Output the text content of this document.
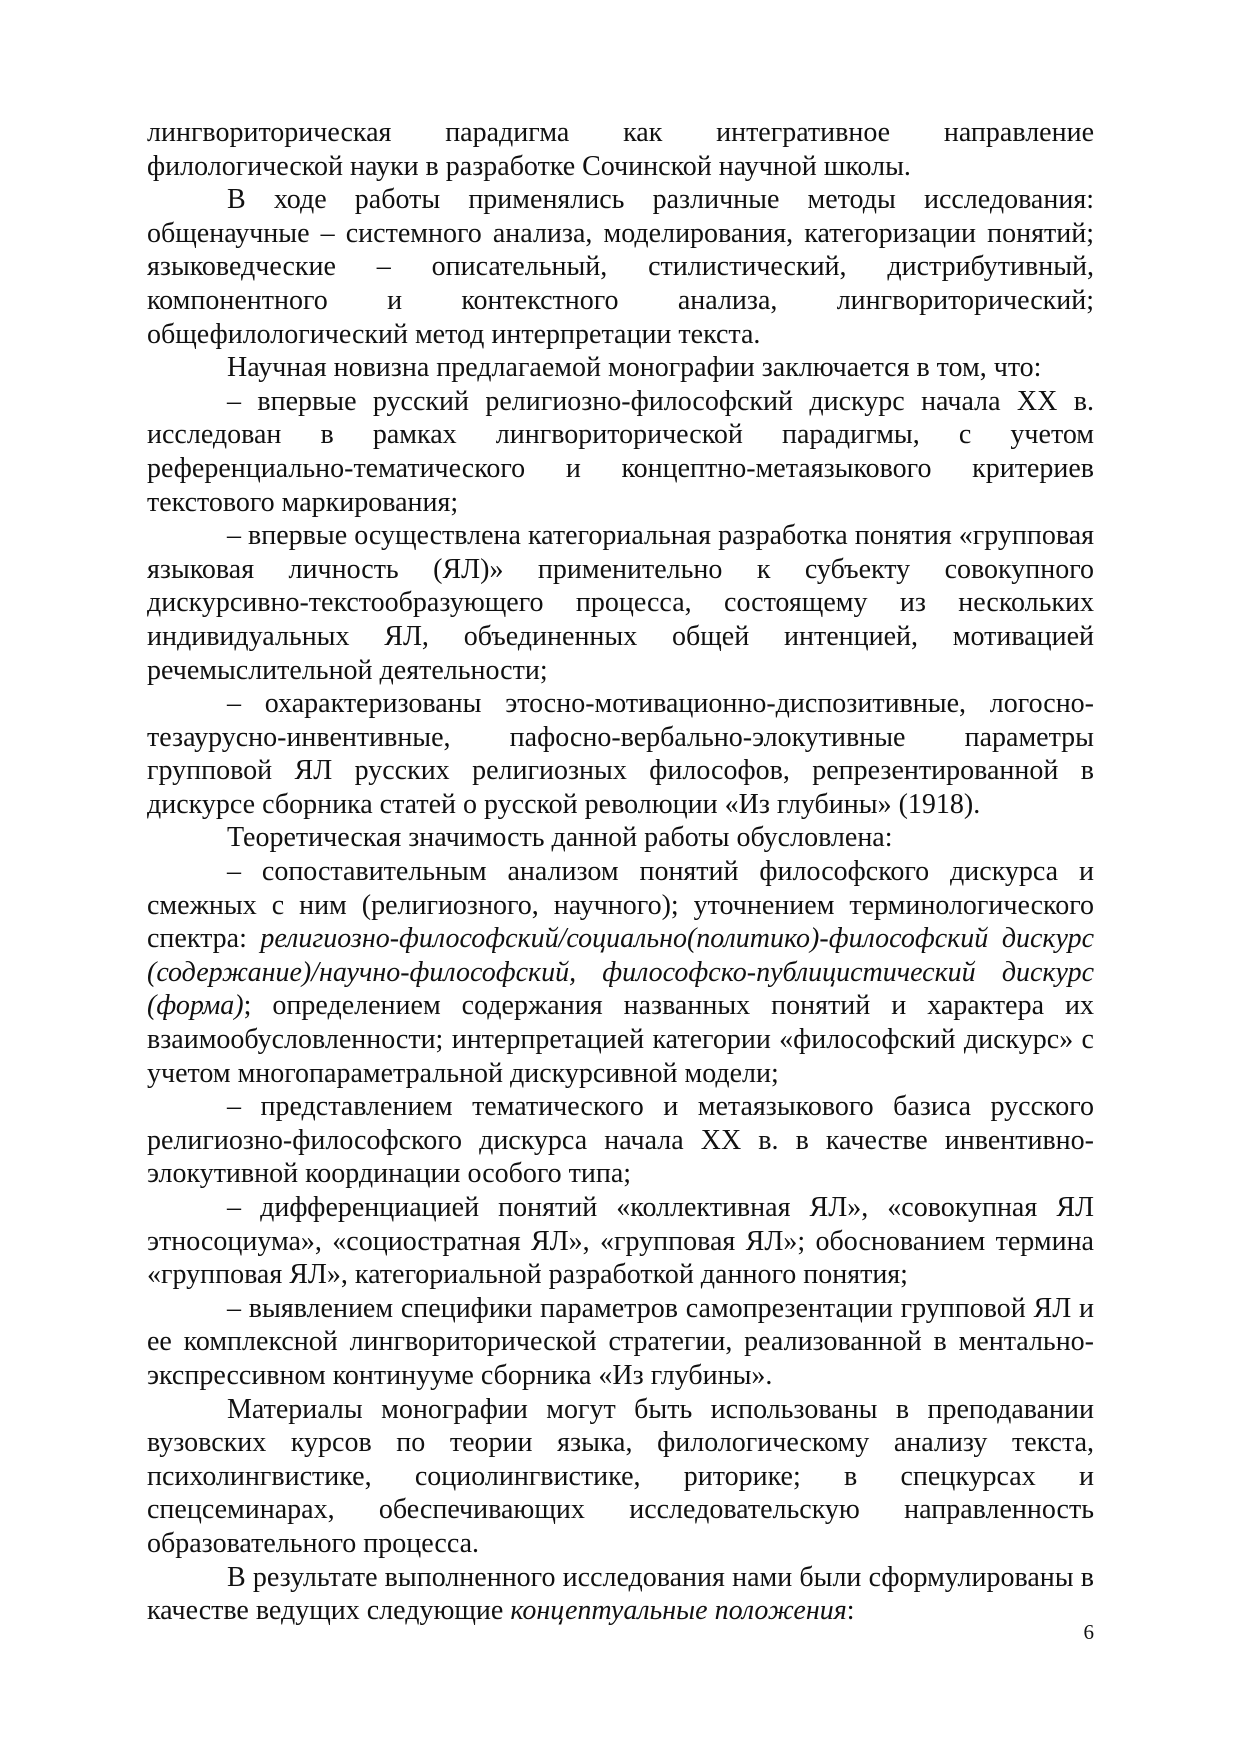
лингвориторическая парадигма как интегративное направление филологической науки в разработке Сочинской научной школы.

В ходе работы применялись различные методы исследования: общенаучные – системного анализа, моделирования, категоризации понятий; языковедческие – описательный, стилистический, дистрибутивный, компонентного и контекстного анализа, лингвориторический; общефилологический метод интерпретации текста.

Научная новизна предлагаемой монографии заключается в том, что:

– впервые русский религиозно-философский дискурс начала ХХ в. исследован в рамках лингвориторической парадигмы, с учетом референциально-тематического и концептно-метаязыкового критериев текстового маркирования;

– впервые осуществлена категориальная разработка понятия «групповая языковая личность (ЯЛ)» применительно к субъекту совокупного дискурсивно-текстообразующего процесса, состоящему из нескольких индивидуальных ЯЛ, объединенных общей интенцией, мотивацией речемыслительной деятельности;

– охарактеризованы этосно-мотивационно-диспозитивные, логосно-тезаурусно-инвентивные, пафосно-вербально-элокутивные параметры групповой ЯЛ русских религиозных философов, репрезентированной в дискурсе сборника статей о русской революции «Из глубины» (1918).

Теоретическая значимость данной работы обусловлена:

– сопоставительным анализом понятий философского дискурса и смежных с ним (религиозного, научного); уточнением терминологического спектра: религиозно-философский/социально(политико)-философский дискурс (содержание)/научно-философский, философско-публицистический дискурс (форма); определением содержания названных понятий и характера их взаимообусловленности; интерпретацией категории «философский дискурс» с учетом многопараметральной дискурсивной модели;

– представлением тематического и метаязыкового базиса русского религиозно-философского дискурса начала ХХ в. в качестве инвентивно-элокутивной координации особого типа;

– дифференциацией понятий «коллективная ЯЛ», «совокупная ЯЛ этносоциума», «социостратная ЯЛ», «групповая ЯЛ»; обоснованием термина «групповая ЯЛ», категориальной разработкой данного понятия;

– выявлением специфики параметров самопрезентации групповой ЯЛ и ее комплексной лингвориторической стратегии, реализованной в ментально-экспрессивном континууме сборника «Из глубины».

Материалы монографии могут быть использованы в преподавании вузовских курсов по теории языка, филологическому анализу текста, психолингвистике, социолингвистике, риторике; в спецкурсах и спецсеминарах, обеспечивающих исследовательскую направленность образовательного процесса.

В результате выполненного исследования нами были сформулированы в качестве ведущих следующие концептуальные положения:

6
